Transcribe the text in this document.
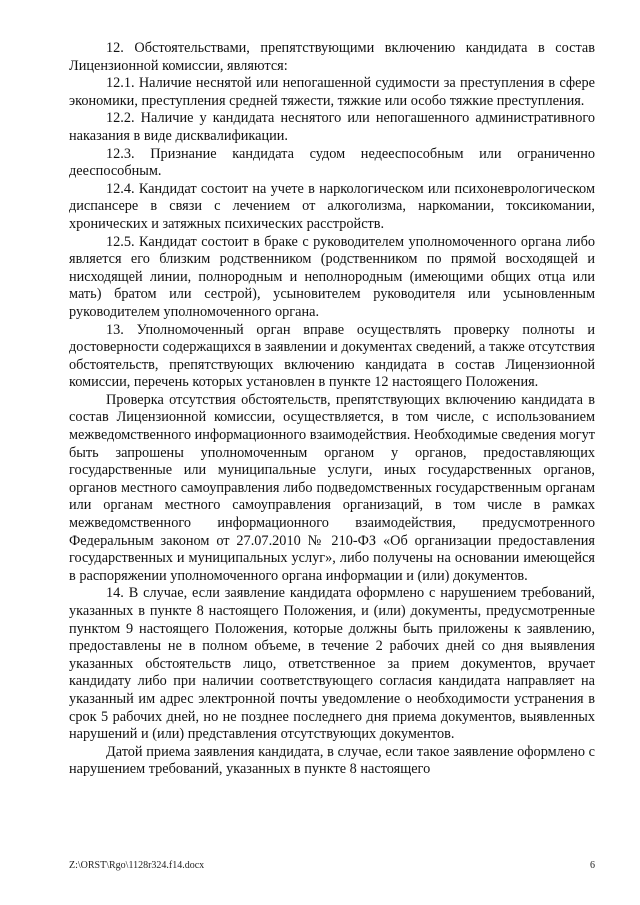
12. Обстоятельствами, препятствующими включению кандидата в состав Лицензионной комиссии, являются:

12.1. Наличие неснятой или непогашенной судимости за преступления в сфере экономики, преступления средней тяжести, тяжкие или особо тяжкие преступления.

12.2. Наличие у кандидата неснятого или непогашенного административного наказания в виде дисквалификации.

12.3. Признание кандидата судом недееспособным или ограниченно дееспособным.

12.4. Кандидат состоит на учете в наркологическом или психоневрологическом диспансере в связи с лечением от алкоголизма, наркомании, токсикомании, хронических и затяжных психических расстройств.

12.5. Кандидат состоит в браке с руководителем уполномоченного органа либо является его близким родственником (родственником по прямой восходящей и нисходящей линии, полнородным и неполнородным (имеющими общих отца или мать) братом или сестрой), усыновителем руководителя или усыновленным руководителем уполномоченного органа.

13. Уполномоченный орган вправе осуществлять проверку полноты и достоверности содержащихся в заявлении и документах сведений, а также отсутствия обстоятельств, препятствующих включению кандидата в состав Лицензионной комиссии, перечень которых установлен в пункте 12 настоящего Положения.

Проверка отсутствия обстоятельств, препятствующих включению кандидата в состав Лицензионной комиссии, осуществляется, в том числе, с использованием межведомственного информационного взаимодействия. Необходимые сведения могут быть запрошены уполномоченным органом у органов, предоставляющих государственные или муниципальные услуги, иных государственных органов, органов местного самоуправления либо подведомственных государственным органам или органам местного самоуправления организаций, в том числе в рамках межведомственного информационного взаимодействия, предусмотренного Федеральным законом от 27.07.2010 № 210-ФЗ «Об организации предоставления государственных и муниципальных услуг», либо получены на основании имеющейся в распоряжении уполномоченного органа информации и (или) документов.

14. В случае, если заявление кандидата оформлено с нарушением требований, указанных в пункте 8 настоящего Положения, и (или) документы, предусмотренные пунктом 9 настоящего Положения, которые должны быть приложены к заявлению, предоставлены не в полном объеме, в течение 2 рабочих дней со дня выявления указанных обстоятельств лицо, ответственное за прием документов, вручает кандидату либо при наличии соответствующего согласия кандидата направляет на указанный им адрес электронной почты уведомление о необходимости устранения в срок 5 рабочих дней, но не позднее последнего дня приема документов, выявленных нарушений и (или) представления отсутствующих документов.

Датой приема заявления кандидата, в случае, если такое заявление оформлено с нарушением требований, указанных в пункте 8 настоящего

Z:\ORST\Rgo\1128r324.f14.docx	6
